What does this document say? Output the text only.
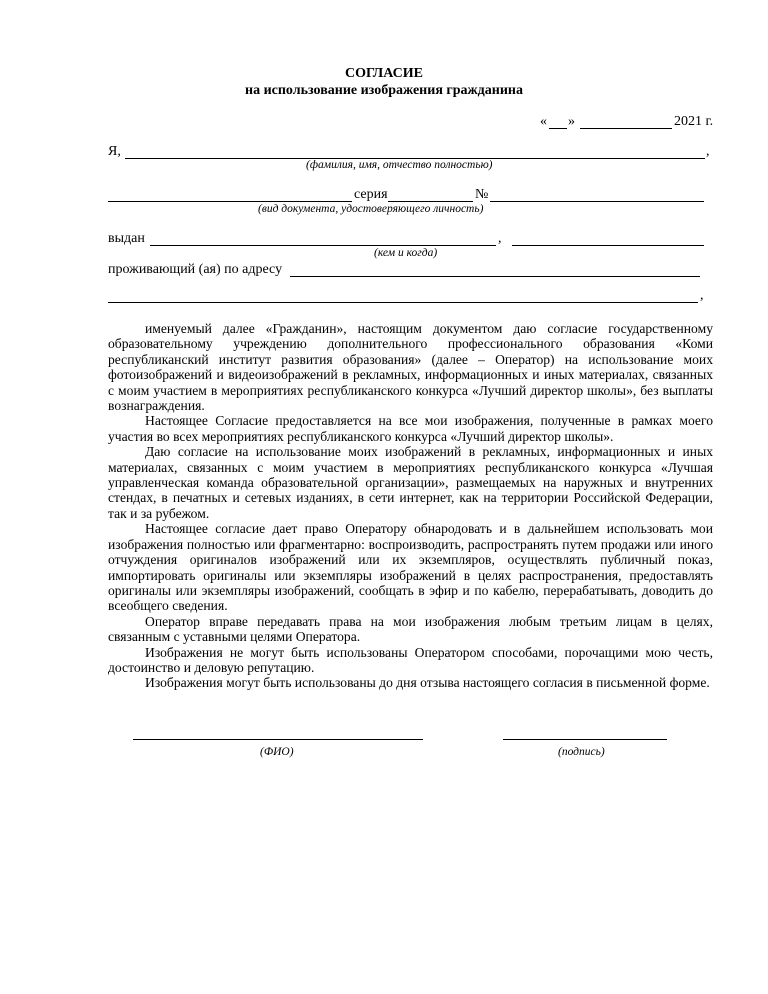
СОГЛАСИЕ
на использование изображения гражданина
« »	2021 г.
Я,	,
(фамилия, имя, отчество полностью)
серия	№
(вид документа, удостоверяющего личность)
выдан	,
(кем и когда)
проживающий (ая) по адресу
,

именуемый далее «Гражданин», настоящим документом даю согласие государственному образовательному учреждению дополнительного профессионального образования «Коми республиканский институт развития образования» (далее – Оператор) на использование моих фотоизображений и видеоизображений в рекламных, информационных и иных материалах, связанных с моим участием в мероприятиях республиканского конкурса «Лучший директор школы», без выплаты вознаграждения.

Настоящее Согласие предоставляется на все мои изображения, полученные в рамках моего участия во всех мероприятиях республиканского конкурса «Лучший директор школы».

Даю согласие на использование моих изображений в рекламных, информационных и иных материалах, связанных с моим участием в мероприятиях республиканского конкурса «Лучшая управленческая команда образовательной организации», размещаемых на наружных и внутренних стендах, в печатных и сетевых изданиях, в сети интернет, как на территории Российской Федерации, так и за рубежом.

Настоящее согласие дает право Оператору обнародовать и в дальнейшем использовать мои изображения полностью или фрагментарно: воспроизводить, распространять путем продажи или иного отчуждения оригиналов изображений или их экземпляров, осуществлять публичный показ, импортировать оригиналы или экземпляры изображений в целях распространения, предоставлять оригиналы или экземпляры изображений, сообщать в эфир и по кабелю, перерабатывать, доводить до всеобщего сведения.

Оператор вправе передавать права на мои изображения любым третьим лицам в целях, связанным с уставными целями Оператора.

Изображения не могут быть использованы Оператором способами, порочащими мою честь, достоинство и деловую репутацию.

Изображения могут быть использованы до дня отзыва настоящего согласия в письменной форме.

(ФИО)	(подпись)
